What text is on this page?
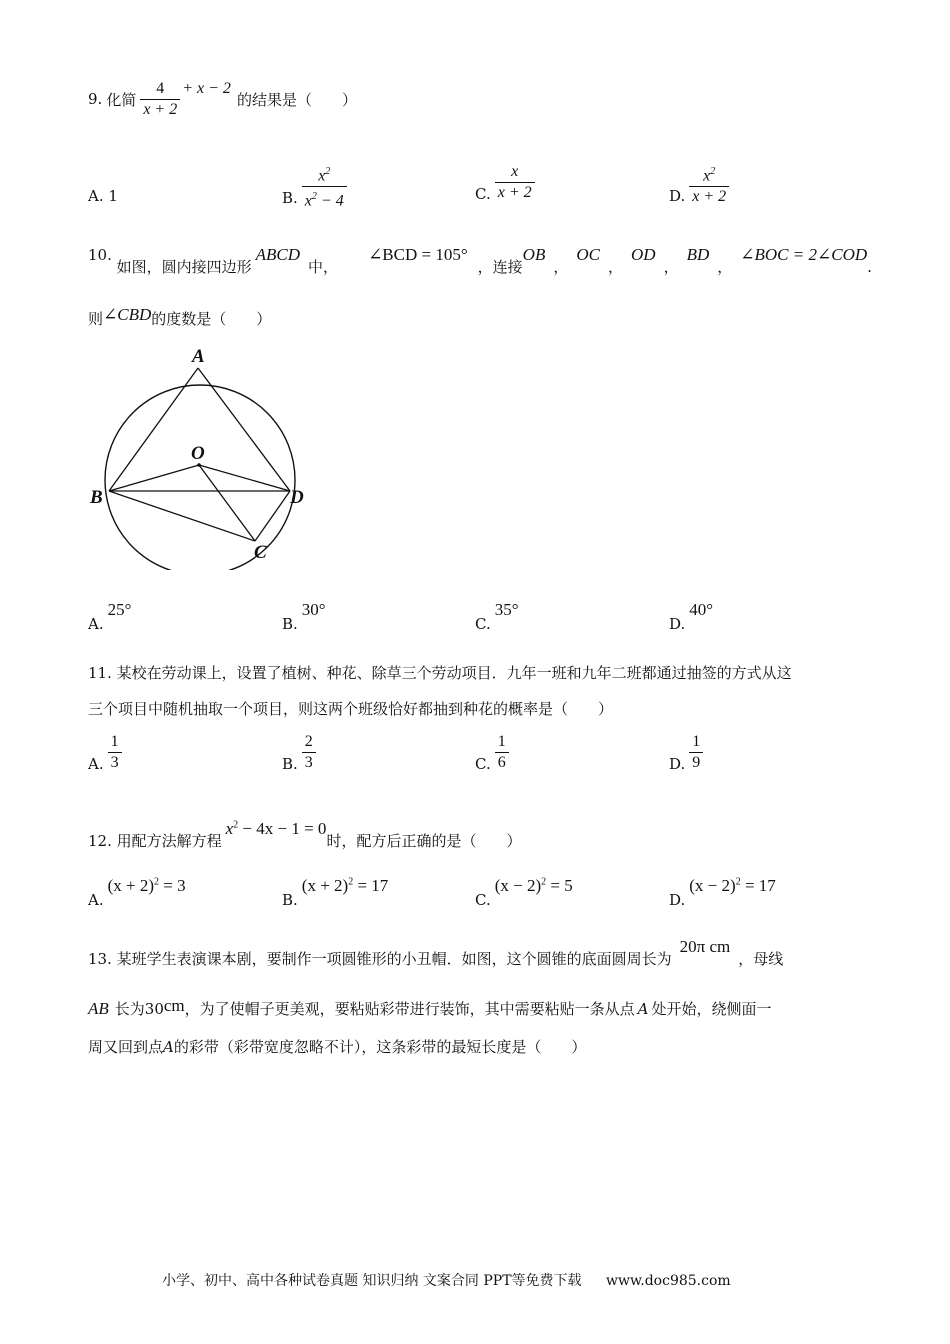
9. 化简 $\frac{4}{x + 2} + x - 2$
的结果是（　　）
A. 1	B. $\frac{x^2}{x^2 - 4}$	C. $\frac{x}{x + 2}$	D. $\frac{x^2}{x + 2}$
10. 如图，圆内接四边形ABCD中，∠BCD = 105°，连接OB，OC，OD，BD，∠BOC = 2∠COD.
则∠CBD的度数是（　　）
A
B
C
D
O
A.25°
B.30°
C.35°
D.40°
11. 某校在劳动课上，设置了植树、种花、除草三个劳动项目．九年一班和九年二班都通过抽签的方式从这
三个项目中随机抽取一个项目，则这两个班级恰好都抽到种花的概率是（　　）
A. $\frac{1}{3}$	B. $\frac{2}{3}$	C. $\frac{1}{6}$	D. $\frac{1}{9}$
12. 用配方法解方程$x^2 - 4x - 1 = 0$时，配方后正确的是（　　）
$A.(x + 2)^2 = 3$
$B.(x + 2)^2 = 17$
$C.(x - 2)^2 = 5$
$D.(x - 2)^2 = 17$
13. 某班学生表演课本剧，要制作一项圆锥形的小丑帽．如图，这个圆锥的底面圆周长为20π cm，母线
AB 长为30cm，为了使帽子更美观，要粘贴彩带进行装饰，其中需要粘贴一条从点 A 处开始，绕侧面一
周又回到点A的彩带（彩带宽度忽略不计），这条彩带的最短长度是（　　）
小学、初中、高中各种试卷真题 知识归纳 文案合同 PPT等免费下载 www.doc985.com
